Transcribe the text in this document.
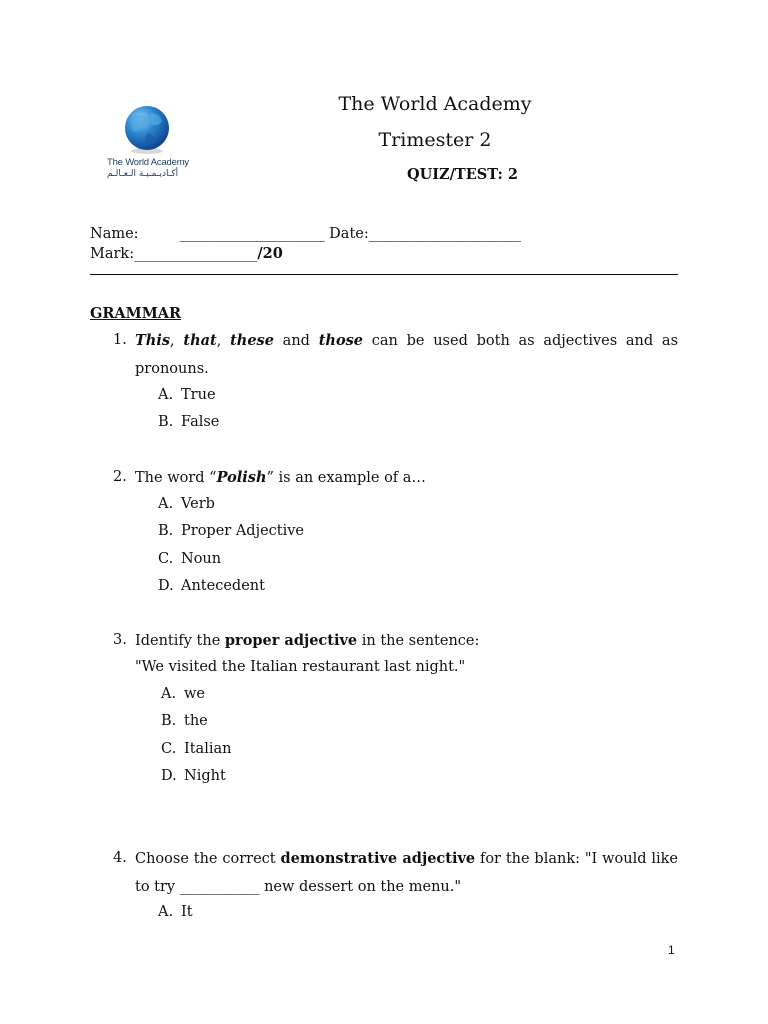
The World Academy
أكـاديـمـيـة الـعـالـم
The World Academy
Trimester 2
QUIZ/TEST: 2
Name:	____________________ Date:_____________________
Mark:_________________/20
GRAMMAR
1. This, that, these and those can be used both as adjectives and as pronouns.
A. True
B. False
2. The word “Polish” is an example of a…
A. Verb
B. Proper Adjective
C. Noun
D. Antecedent
3. Identify the proper adjective in the sentence:
"We visited the Italian restaurant last night."
A. we
B. the
C. Italian
D. Night
4. Choose the correct demonstrative adjective for the blank: "I would like to try ___________ new dessert on the menu."
A. It
1
